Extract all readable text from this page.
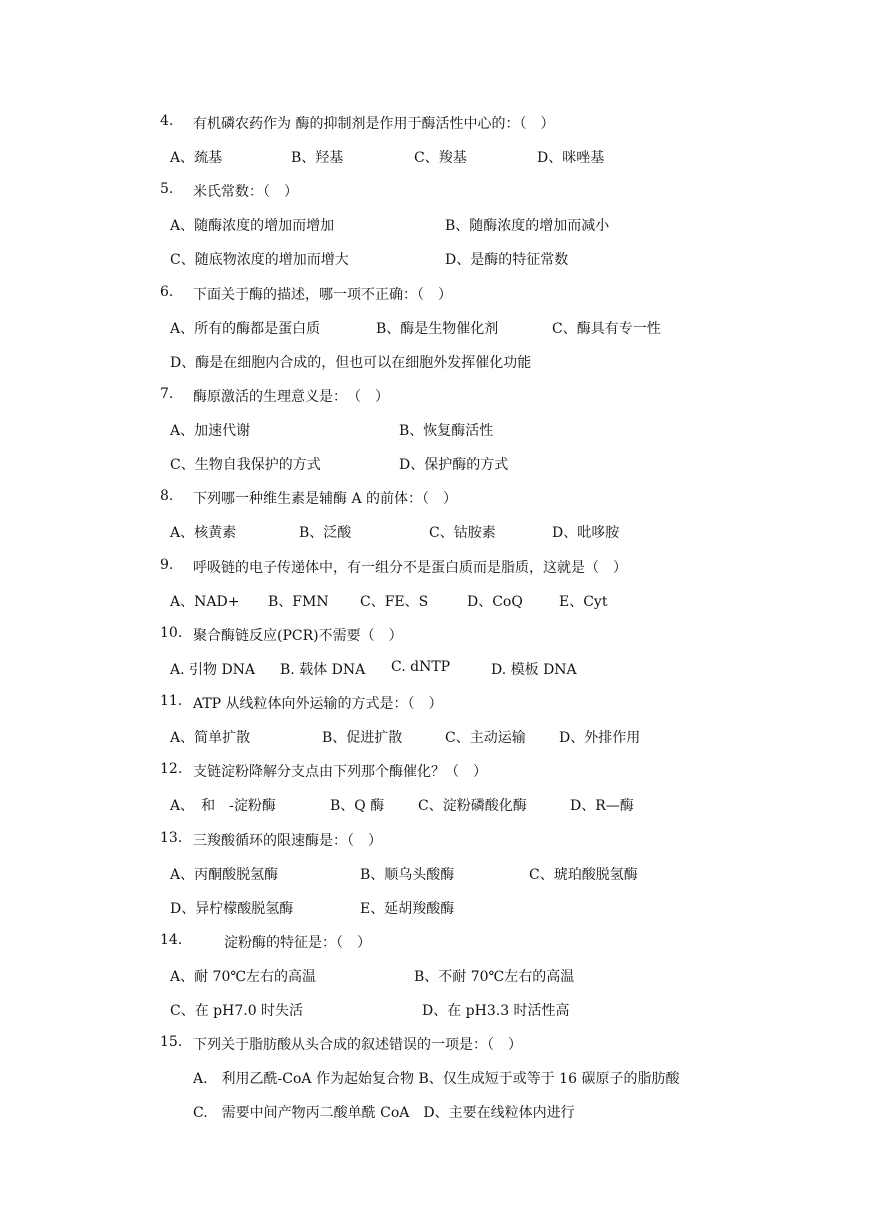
4. 有机磷农药作为 酶的抑制剂是作用于酶活性中心的：（　）
A、巯基	B、羟基	C、羧基	D、咪唑基
5. 米氏常数：（　）
A、随酶浓度的增加而增加	B、随酶浓度的增加而减小
C、随底物浓度的增加而增大	D、是酶的特征常数
6. 下面关于酶的描述，哪一项不正确：（　）
A、所有的酶都是蛋白质	B、酶是生物催化剂	C、酶具有专一性
D、酶是在细胞内合成的，但也可以在细胞外发挥催化功能
7. 酶原激活的生理意义是：　（　）
A、加速代谢	B、恢复酶活性
C、生物自我保护的方式	D、保护酶的方式
8. 下列哪一种维生素是辅酶 A 的前体：（　）
A、核黄素	B、泛酸	C、钴胺素	D、吡哆胺
9. 呼吸链的电子传递体中，有一组分不是蛋白质而是脂质，这就是（　）
A、NAD+ B、FMN C、FE、S	D、CoQ	E、Cyt
10. 聚合酶链反应(PCR)不需要（　）
A. 引物 DNA B. 载体 DNA C. dNTP	D. 模板 DNA
11. ATP 从线粒体向外运输的方式是：（　）
A、简单扩散	B、促进扩散	C、主动运输 D、外排作用
12. 支链淀粉降解分支点由下列那个酶催化？（　）
A、　和　-淀粉酶	B、Q 酶 C、淀粉磷酸化酶	D、R—酶
13. 三羧酸循环的限速酶是：（　）
A、丙酮酸脱氢酶	B、顺乌头酸酶	C、琥珀酸脱氢酶
D、异柠檬酸脱氢酶	E、延胡羧酸酶
14.	淀粉酶的特征是：（　）
A、耐 70℃左右的高温	B、不耐 70℃左右的高温
C、在 pH7.0 时失活	D、在 pH3.3 时活性高
15. 下列关于脂肪酸从头合成的叙述错误的一项是：（　）
A.　利用乙酰-CoA 作为起始复合物 B、仅生成短于或等于 16 碳原子的脂肪酸
C.　需要中间产物丙二酸单酰 CoA　D、主要在线粒体内进行
